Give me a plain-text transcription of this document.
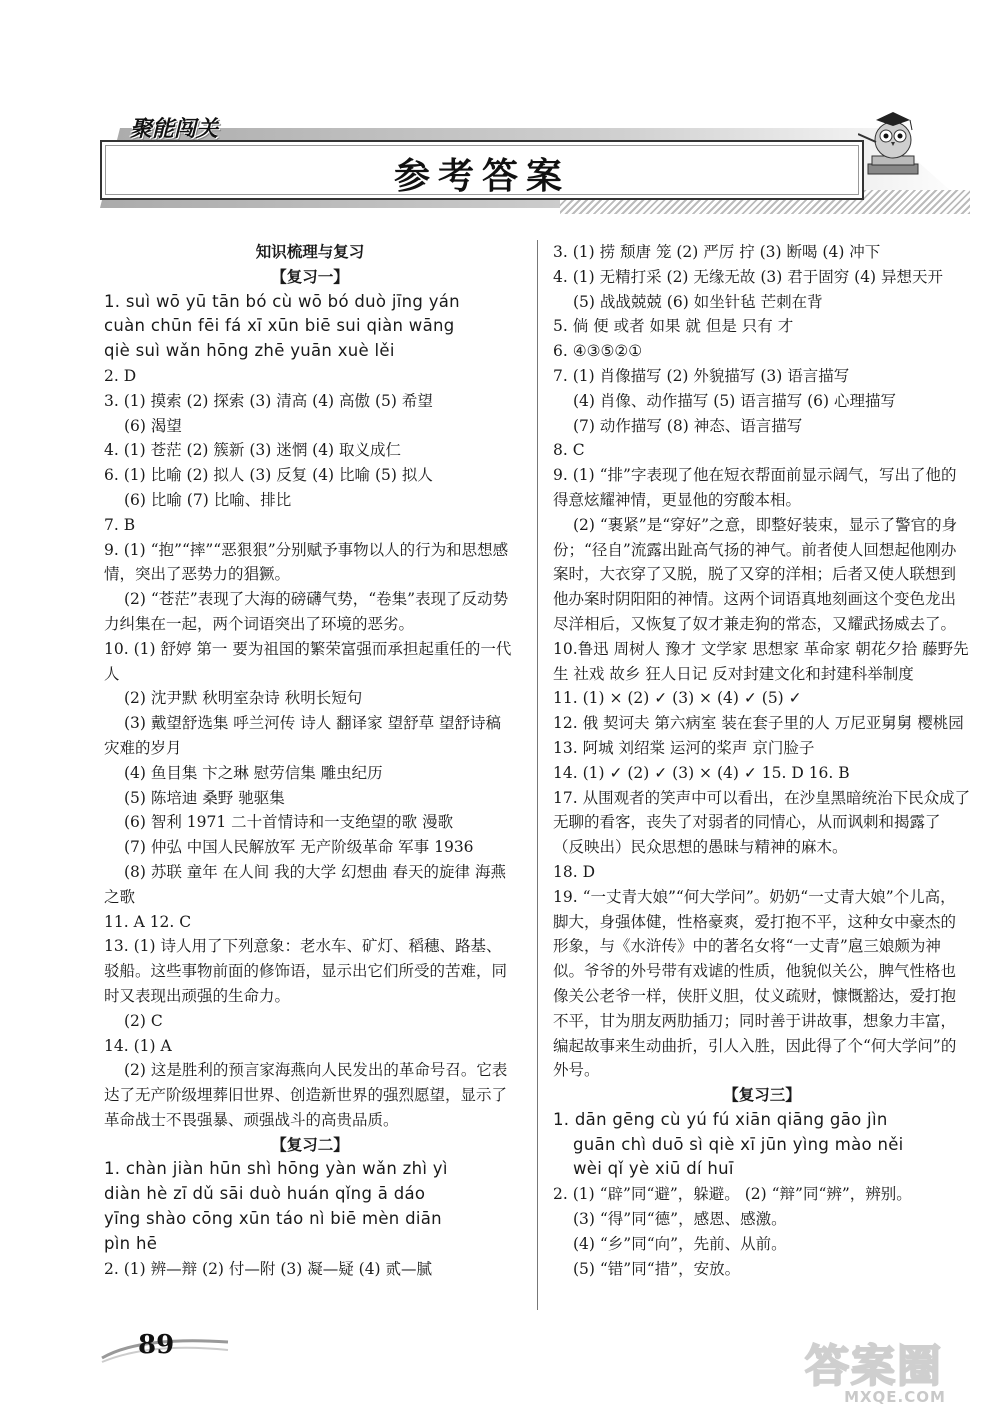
参考答案
聚能闯关
知识梳理与复习
【复习一】
1. suì wō yū tān bó cù wō bó duò jīng yán
cuàn chūn fēi fá xī xūn biē sui qiàn wāng
qiè suì wǎn hōng zhē yuān xuè lěi
2. D
3. (1) 摸索 (2) 探索 (3) 清高 (4) 高傲 (5) 希望
(6) 渴望
4. (1) 苍茫 (2) 簇新 (3) 迷惘 (4) 取义成仁
6. (1) 比喻 (2) 拟人 (3) 反复 (4) 比喻 (5) 拟人
(6) 比喻 (7) 比喻、排比
7. B
9. (1) “抱”“摔”“恶狠狠”分别赋予事物以人的行为和思想感情，突出了恶势力的猖獗。
(2) “苍茫”表现了大海的磅礴气势，“卷集”表现了反动势力纠集在一起，两个词语突出了环境的恶劣。
10. (1) 舒婷 第一 要为祖国的繁荣富强而承担起重任的一代人
(2) 沈尹默 秋明室杂诗 秋明长短句
(3) 戴望舒选集 呼兰河传 诗人 翻译家 望舒草 望舒诗稿 灾难的岁月
(4) 鱼目集 卞之琳 慰劳信集 雕虫纪历
(5) 陈培迪 桑野 驰驱集
(6) 智利 1971 二十首情诗和一支绝望的歌 漫歌
(7) 仲弘 中国人民解放军 无产阶级革命 军事 1936
(8) 苏联 童年 在人间 我的大学 幻想曲 春天的旋律 海燕之歌
11. A 12. C
13. (1) 诗人用了下列意象：老水车、矿灯、稻穗、路基、驳船。这些事物前面的修饰语，显示出它们所受的苦难，同时又表现出顽强的生命力。
(2) C
14. (1) A
(2) 这是胜利的预言家海燕向人民发出的革命号召。它表达了无产阶级埋葬旧世界、创造新世界的强烈愿望，显示了革命战士不畏强暴、顽强战斗的高贵品质。
【复习二】
1. chàn jiàn hūn shì hōng yàn wǎn zhì yì
diàn hè zī dǔ sāi duò huán qǐng ā dáo
yīng shào cōng xūn táo nì biē mèn diān
pìn hē
2. (1) 辨—辩 (2) 付—附 (3) 凝—疑 (4) 贰—腻
3. (1) 捞 颓唐 笼 (2) 严厉 拧 (3) 断喝 (4) 冲下
4. (1) 无精打采 (2) 无缘无故 (3) 君于固穷 (4) 异想天开
(5) 战战兢兢 (6) 如坐针毡 芒刺在背
5. 倘 便 或者 如果 就 但是 只有 才
6. ④③⑤②①
7. (1) 肖像描写 (2) 外貌描写 (3) 语言描写
(4) 肖像、动作描写 (5) 语言描写 (6) 心理描写
(7) 动作描写 (8) 神态、语言描写
8. C
9. (1) “排”字表现了他在短衣帮面前显示阔气，写出了他的得意炫耀神情，更显他的穷酸本相。
(2) “裹紧”是“穿好”之意，即整好装束，显示了警官的身份；“径自”流露出趾高气扬的神气。前者使人回想起他刚办案时，大衣穿了又脱，脱了又穿的洋相；后者又使人联想到他办案时阴阳阳的神情。这两个词语真地刻画这个变色龙出尽洋相后，又恢复了奴才兼走狗的常态，又耀武扬威去了。
10.鲁迅 周树人 豫才 文学家 思想家 革命家 朝花夕拾 藤野先生 社戏 故乡 狂人日记 反对封建文化和封建科举制度
11. (1) × (2) ✓ (3) × (4) ✓ (5) ✓
12. 俄 契诃夫 第六病室 装在套子里的人 万尼亚舅舅 樱桃园
13. 阿城 刘绍棠 运河的桨声 京门脸子
14. (1) ✓ (2) ✓ (3) × (4) ✓ 15. D 16. B
17. 从围观者的笑声中可以看出，在沙皇黑暗统治下民众成了无聊的看客，丧失了对弱者的同情心，从而讽刺和揭露了（反映出）民众思想的愚昧与精神的麻木。
18. D
19. “一丈青大娘”“何大学问”。奶奶“一丈青大娘”个儿高，脚大，身强体健，性格豪爽，爱打抱不平，这种女中豪杰的形象，与《水浒传》中的著名女将“一丈青”扈三娘颇为神似。爷爷的外号带有戏谑的性质，他貌似关公，脾气性格也像关公老爷一样，侠肝义胆，仗义疏财，慷慨豁达，爱打抱不平，甘为朋友两肋插刀；同时善于讲故事，想象力丰富，编起故事来生动曲折，引人入胜，因此得了个“何大学问”的外号。
【复习三】
1. dān gēng cù yú fú xiān qiāng gāo jìn
guān chì duō sì qiè xī jūn yìng mào něi
wèi qǐ yè xiū dí huī
2. (1) “辟”同“避”，躲避。 (2) “辩”同“辨”，辨别。
(3) “得”同“德”，感恩、感激。
(4) “乡”同“向”，先前、从前。
(5) “错”同“措”，安放。
89	答案圈
MXQE.COM
